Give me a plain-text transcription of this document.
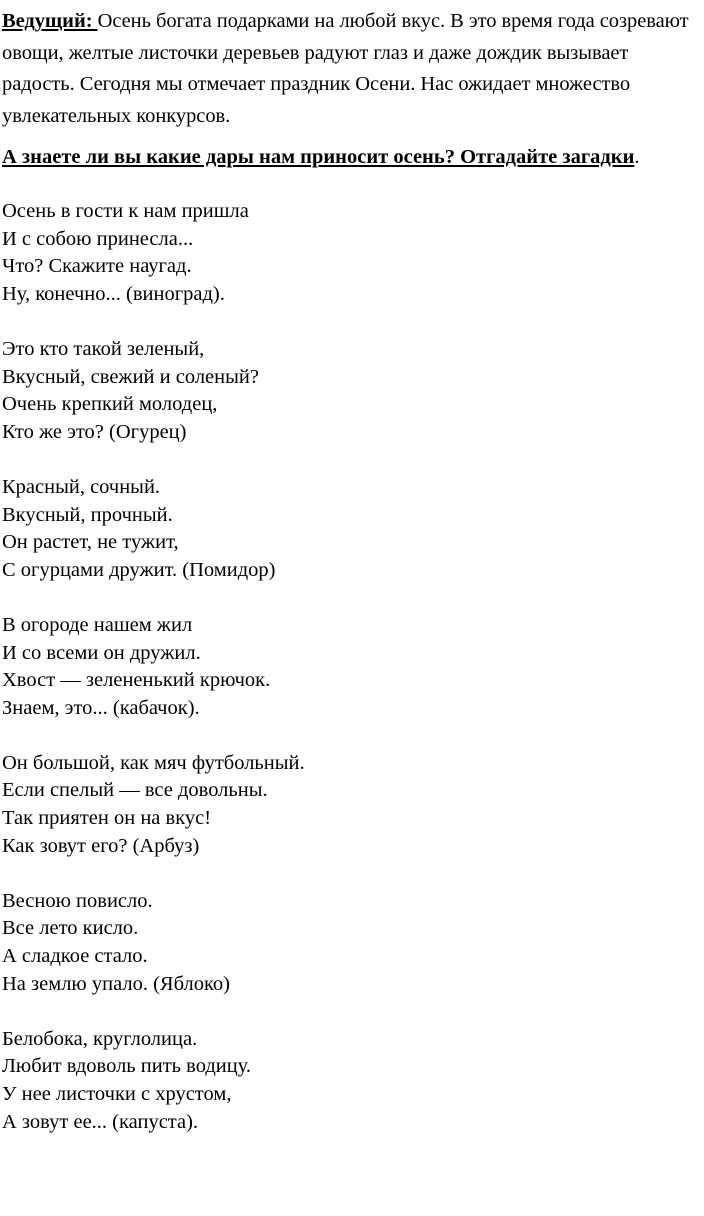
Ведущий: Осень богата подарками на любой вкус. В это время года созревают овощи, желтые листочки деревьев радуют глаз и даже дождик вызывает радость. Сегодня мы отмечает праздник Осени. Нас ожидает множество увлекательных конкурсов.

А знаете ли вы какие дары нам приносит осень? Отгадайте загадки.

Осень в гости к нам пришла
И с собою принесла...
Что? Скажите наугад.
Ну, конечно... (виноград).
Это кто такой зеленый,
Вкусный, свежий и соленый?
Очень крепкий молодец,
Кто же это? (Огурец)
Красный, сочный.
Вкусный, прочный.
Он растет, не тужит,
С огурцами дружит. (Помидор)
В огороде нашем жил
И со всеми он дружил.
Хвост — зелененький крючок.
Знаем, это... (кабачок).
Он большой, как мяч футбольный.
Если спелый — все довольны.
Так приятен он на вкус!
Как зовут его? (Арбуз)
Весною повисло.
Все лето кисло.
А сладкое стало.
На землю упало. (Яблоко)
Белобока, круглолица.
Любит вдоволь пить водицу.
У нее листочки с хрустом,
А зовут ее... (капуста).
